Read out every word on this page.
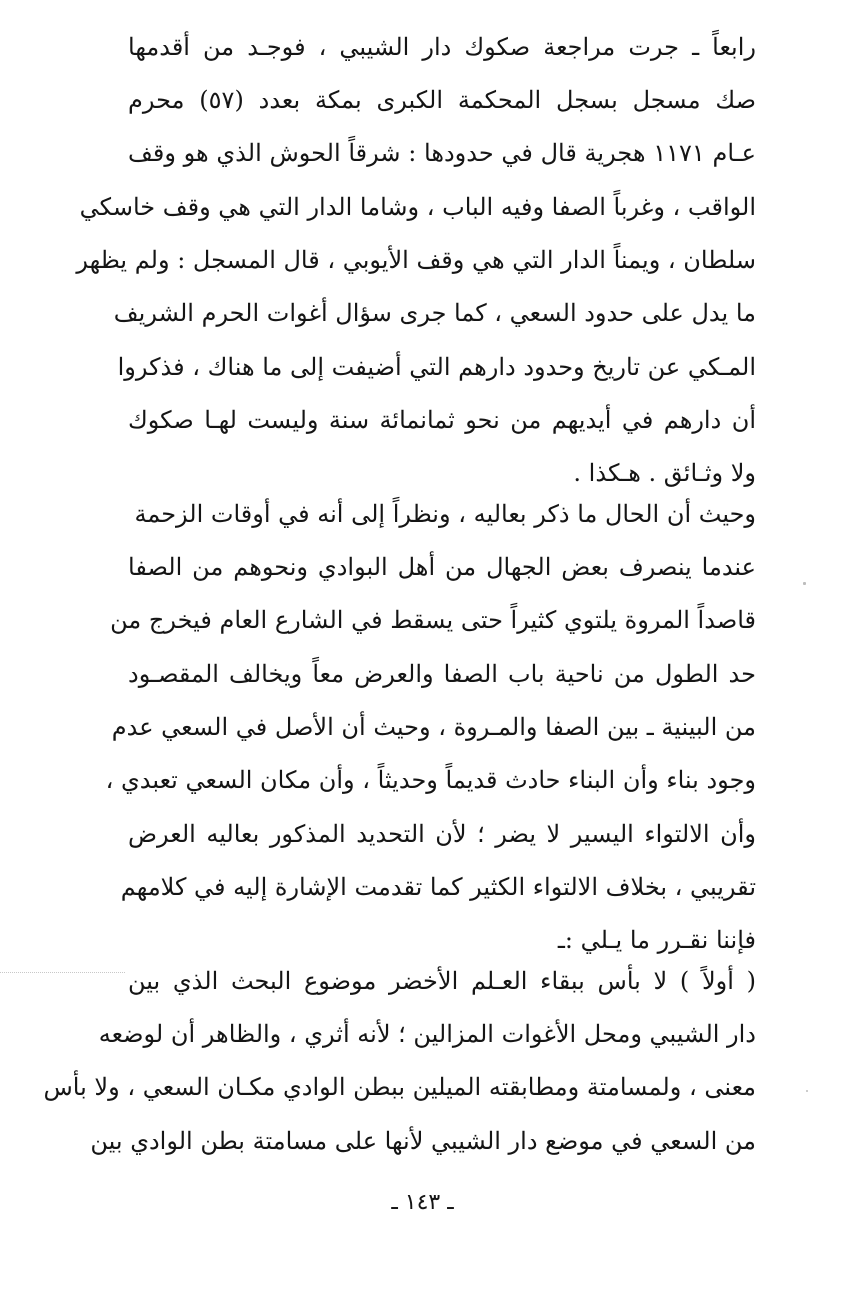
رابعاً ـ جرت مراجعة صكوك دار الشيبي ، فوجـد من أقدمها
صك مسجل بسجل المحكمة الكبرى بمكة بعدد (٥٧) محرم
عـام ١١٧١ هجرية قال في حدودها : شرقاً الحوش الذي هو وقف
الواقب ، وغرباً الصفا وفيه الباب ، وشاما الدار التي هي وقف خاسكي
سلطان ، ويمناً الدار التي هي وقف الأيوبي ، قال المسجل : ولم يظهر
ما يدل على حدود السعي ، كما جرى سؤال أغوات الحرم الشريف
المـكي عن تاريخ وحدود دارهم التي أضيفت إلى ما هناك ، فذكروا
أن دارهم في أيديهم من نحو ثمانمائة سنة وليست لهـا صكوك
ولا وثـائق . هـكذا .
وحيث أن الحال ما ذكر بعاليه ، ونظراً إلى أنه في أوقات الزحمة
عندما ينصرف بعض الجهال من أهل البوادي ونحوهم من الصفا
قاصداً المروة يلتوي كثيراً حتى يسقط في الشارع العام فيخرج من
حد الطول من ناحية باب الصفا والعرض معاً ويخالف المقصـود
من البينية ـ بين الصفا والمـروة ، وحيث أن الأصل في السعي عدم
وجود بناء وأن البناء حادث قديماً وحديثاً ، وأن مكان السعي تعبدي ،
وأن الالتواء اليسير لا يضر ؛ لأن التحديد المذكور بعاليه العرض
تقريبي ، بخلاف الالتواء الكثير كما تقدمت الإشارة إليه في كلامهم
فإننا نقـرر ما يـلي :ـ
( أولاً ) لا بأس ببقاء العـلم الأخضر موضوع البحث الذي بين
دار الشيبي ومحل الأغوات المزالين ؛ لأنه أثري ، والظاهر أن لوضعه
معنى ، ولمسامتة ومطابقته الميلين ببطن الوادي مكـان السعي ، ولا بأس
من السعي في موضع دار الشيبي لأنها على مسامتة بطن الوادي بين
ـ ١٤٣ ـ
